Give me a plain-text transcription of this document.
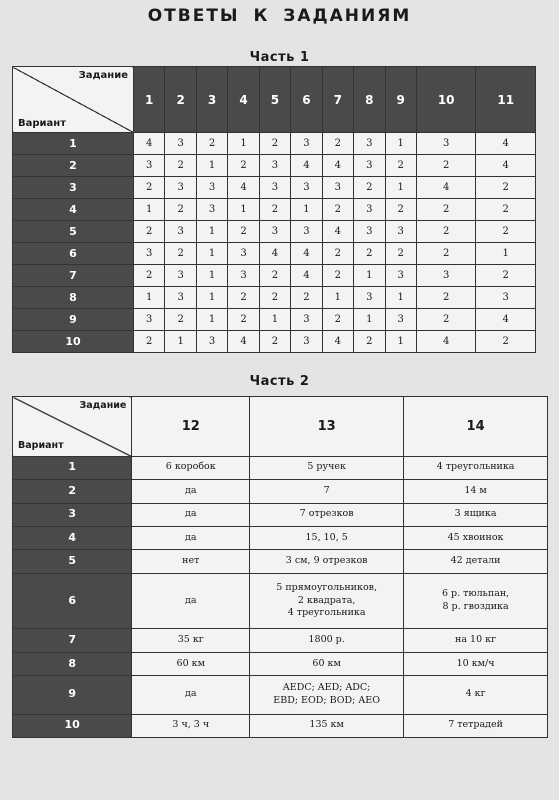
ОТВЕТЫ К ЗАДАНИЯМ
Часть 1
Задание
Вариант	1	2	3	4	5	6	7	8	9	10	11
1	4	3	2	1	2	3	2	3	1	3	4
2	3	2	1	2	3	4	4	3	2	2	4
3	2	3	3	4	3	3	3	2	1	4	2
4	1	2	3	1	2	1	2	3	2	2	2
5	2	3	1	2	3	3	4	3	3	2	2
6	3	2	1	3	4	4	2	2	2	2	1
7	2	3	1	3	2	4	2	1	3	3	2
8	1	3	1	2	2	2	1	3	1	2	3
9	3	2	1	2	1	3	2	1	3	2	4
10	2	1	3	4	2	3	4	2	1	4	2
Часть 2
Задание
Вариант	12	13	14
1	6 коробок	5 ручек	4 треугольника
2	да	7	14 м
3	да	7 отрезков	3 ящика
4	да	15, 10, 5	45 хвоинок
5	нет	3 см, 9 отрезков	42 детали
6	да	5 прямоугольников,
2 квадрата,
4 треугольника	6 р. тюльпан,
8 р. гвоздика
7	35 кг	1800 р.	на 10 кг
8	60 км	60 км	10 км/ч
9	да	AEDC; AED; ADC;
EBD; EOD; BOD; AEO	4 кг
10	3 ч, 3 ч	135 км	7 тетрадей
